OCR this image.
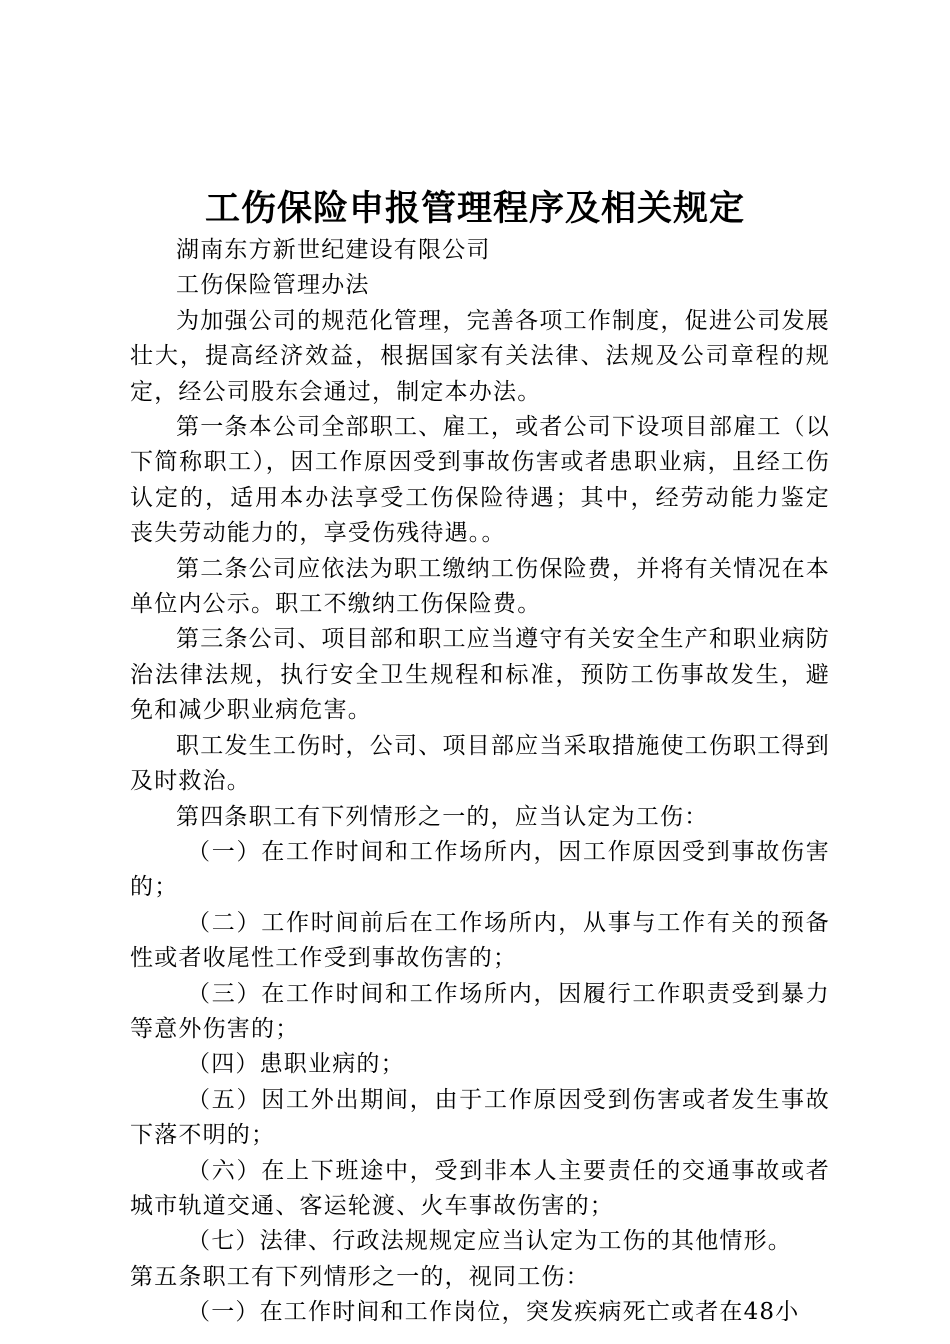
工伤保险申报管理程序及相关规定

湖南东方新世纪建设有限公司

工伤保险管理办法

为加强公司的规范化管理，完善各项工作制度，促进公司发展壮大，提高经济效益，根据国家有关法律、法规及公司章程的规定，经公司股东会通过，制定本办法。

第一条本公司全部职工、雇工，或者公司下设项目部雇工（以下简称职工），因工作原因受到事故伤害或者患职业病，且经工伤认定的，适用本办法享受工伤保险待遇；其中，经劳动能力鉴定丧失劳动能力的，享受伤残待遇。。

第二条公司应依法为职工缴纳工伤保险费，并将有关情况在本单位内公示。职工不缴纳工伤保险费。

第三条公司、项目部和职工应当遵守有关安全生产和职业病防治法律法规，执行安全卫生规程和标准，预防工伤事故发生，避免和减少职业病危害。

职工发生工伤时，公司、项目部应当采取措施使工伤职工得到及时救治。

第四条职工有下列情形之一的，应当认定为工伤：

（一）在工作时间和工作场所内，因工作原因受到事故伤害的；

（二）工作时间前后在工作场所内，从事与工作有关的预备性或者收尾性工作受到事故伤害的；

（三）在工作时间和工作场所内，因履行工作职责受到暴力等意外伤害的；

（四）患职业病的；

（五）因工外出期间，由于工作原因受到伤害或者发生事故下落不明的；

（六）在上下班途中，受到非本人主要责任的交通事故或者城市轨道交通、客运轮渡、火车事故伤害的；

（七）法律、行政法规规定应当认定为工伤的其他情形。

第五条职工有下列情形之一的，视同工伤：

（一）在工作时间和工作岗位，突发疾病死亡或者在48小
